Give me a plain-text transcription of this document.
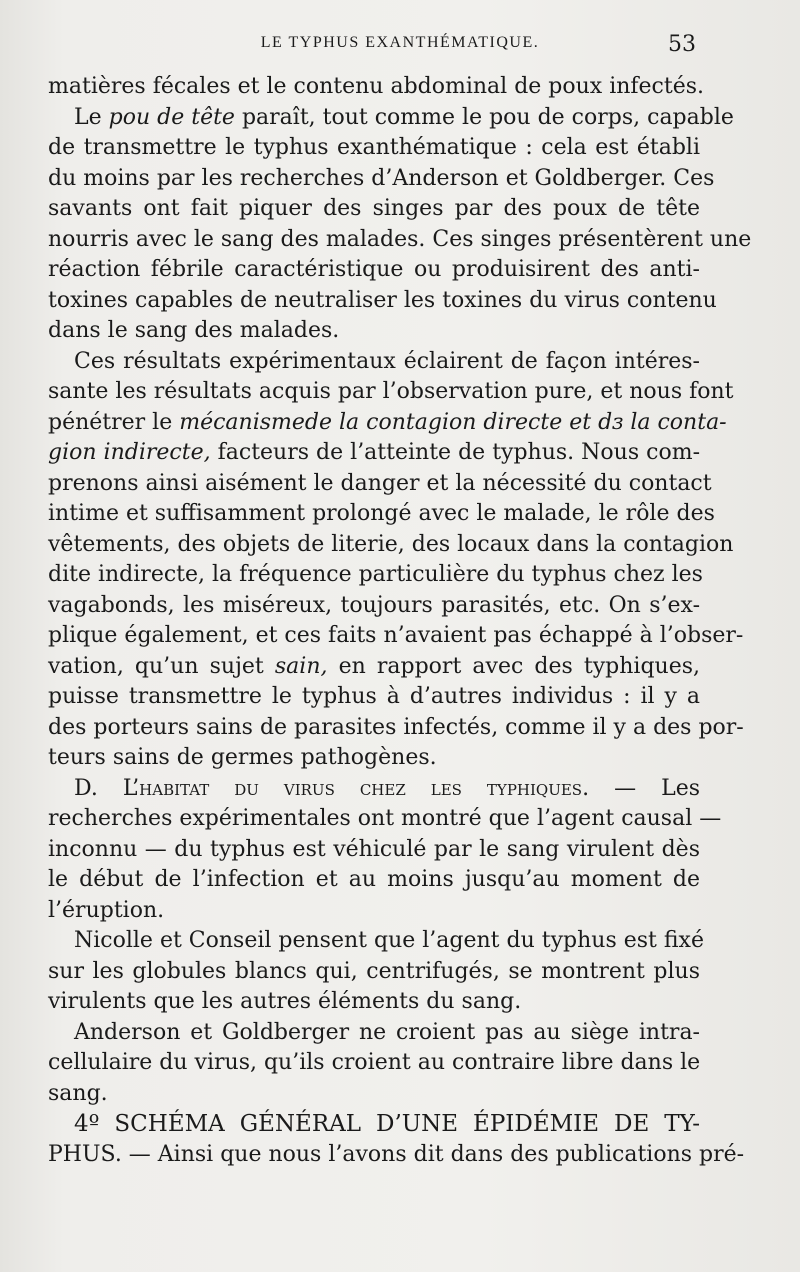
LE TYPHUS EXANTHÉMATIQUE.	53
matières fécales et le contenu abdominal de poux infectés.
Le pou de tête paraît, tout comme le pou de corps, capable
de transmettre le typhus exanthématique : cela est établi
du moins par les recherches d’Anderson et Goldberger. Ces
savants ont fait piquer des singes par des poux de tête
nourris avec le sang des malades. Ces singes présentèrent une
réaction fébrile caractéristique ou produisirent des anti-
toxines capables de neutraliser les toxines du virus contenu
dans le sang des malades.
Ces résultats expérimentaux éclairent de façon intéres-
sante les résultats acquis par l’observation pure, et nous font
pénétrer le mécanismede la contagion directe et dɜ la conta-
gion indirecte, facteurs de l’atteinte de typhus. Nous com-
prenons ainsi aisément le danger et la nécessité du contact
intime et suffisamment prolongé avec le malade, le rôle des
vêtements, des objets de literie, des locaux dans la contagion
dite indirecte, la fréquence particulière du typhus chez les
vagabonds, les miséreux, toujours parasités, etc. On s’ex-
plique également, et ces faits n’avaient pas échappé à l’obser-
vation, qu’un sujet sain, en rapport avec des typhiques,
puisse transmettre le typhus à d’autres individus : il y a
des porteurs sains de parasites infectés, comme il y a des por-
teurs sains de germes pathogènes.
D. L’habitat du virus chez les typhiques. — Les
recherches expérimentales ont montré que l’agent causal —
inconnu — du typhus est véhiculé par le sang virulent dès
le début de l’infection et au moins jusqu’au moment de
l’éruption.
Nicolle et Conseil pensent que l’agent du typhus est fixé
sur les globules blancs qui, centrifugés, se montrent plus
virulents que les autres éléments du sang.
Anderson et Goldberger ne croient pas au siège intra-
cellulaire du virus, qu’ils croient au contraire libre dans le
sang.
4º SCHÉMA GÉNÉRAL D’UNE ÉPIDÉMIE DE TY-
PHUS. — Ainsi que nous l’avons dit dans des publications pré-
